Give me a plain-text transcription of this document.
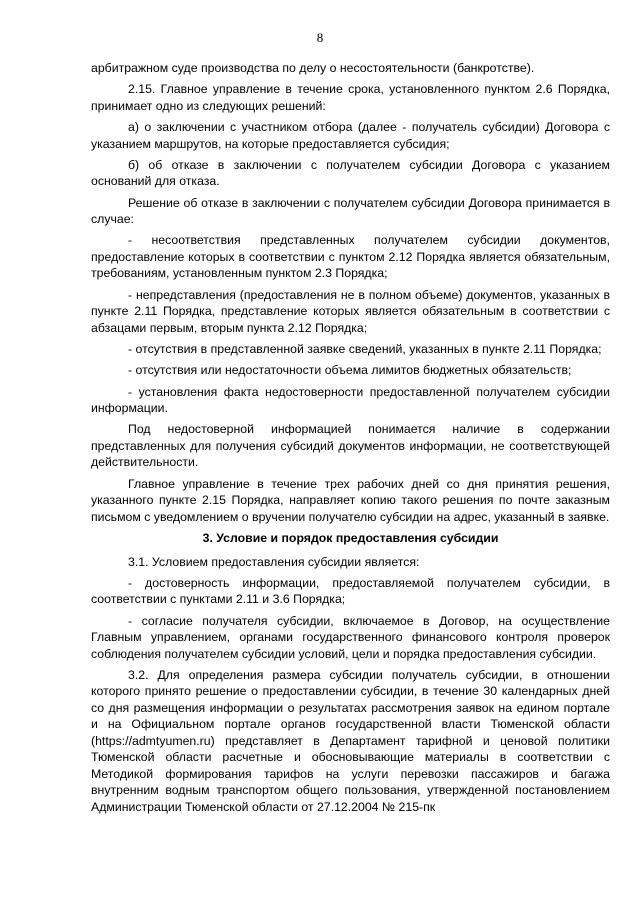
8

арбитражном суде производства по делу о несостоятельности (банкротстве).

2.15. Главное управление в течение срока, установленного пунктом 2.6 Порядка, принимает одно из следующих решений:

а) о заключении с участником отбора (далее - получатель субсидии) Договора с указанием маршрутов, на которые предоставляется субсидия;

б) об отказе в заключении с получателем субсидии Договора с указанием оснований для отказа.

Решение об отказе в заключении с получателем субсидии Договора принимается в случае:

- несоответствия представленных получателем субсидии документов, предоставление которых в соответствии с пунктом 2.12 Порядка является обязательным, требованиям, установленным пунктом 2.3 Порядка;

- непредставления (предоставления не в полном объеме) документов, указанных в пункте 2.11 Порядка, представление которых является обязательным в соответствии с абзацами первым, вторым пункта 2.12 Порядка;

- отсутствия в представленной заявке сведений, указанных в пункте 2.11 Порядка;

- отсутствия или недостаточности объема лимитов бюджетных обязательств;

- установления факта недостоверности предоставленной получателем субсидии информации.

Под недостоверной информацией понимается наличие в содержании представленных для получения субсидий документов информации, не соответствующей действительности.

Главное управление в течение трех рабочих дней со дня принятия решения, указанного пункте 2.15 Порядка, направляет копию такого решения по почте заказным письмом с уведомлением о вручении получателю субсидии на адрес, указанный в заявке.

3. Условие и порядок предоставления субсидии

3.1. Условием предоставления субсидии является:

- достоверность информации, предоставляемой получателем субсидии, в соответствии с пунктами 2.11 и 3.6 Порядка;

- согласие получателя субсидии, включаемое в Договор, на осуществление Главным управлением, органами государственного финансового контроля проверок соблюдения получателем субсидии условий, цели и порядка предоставления субсидии.

3.2. Для определения размера субсидии получатель субсидии, в отношении которого принято решение о предоставлении субсидии, в течение 30 календарных дней со дня размещения информации о результатах рассмотрения заявок на едином портале и на Официальном портале органов государственной власти Тюменской области (https://admtyumen.ru) представляет в Департамент тарифной и ценовой политики Тюменской области расчетные и обосновывающие материалы в соответствии с Методикой формирования тарифов на услуги перевозки пассажиров и багажа внутренним водным транспортом общего пользования, утвержденной постановлением Администрации Тюменской области от 27.12.2004 № 215-пк
